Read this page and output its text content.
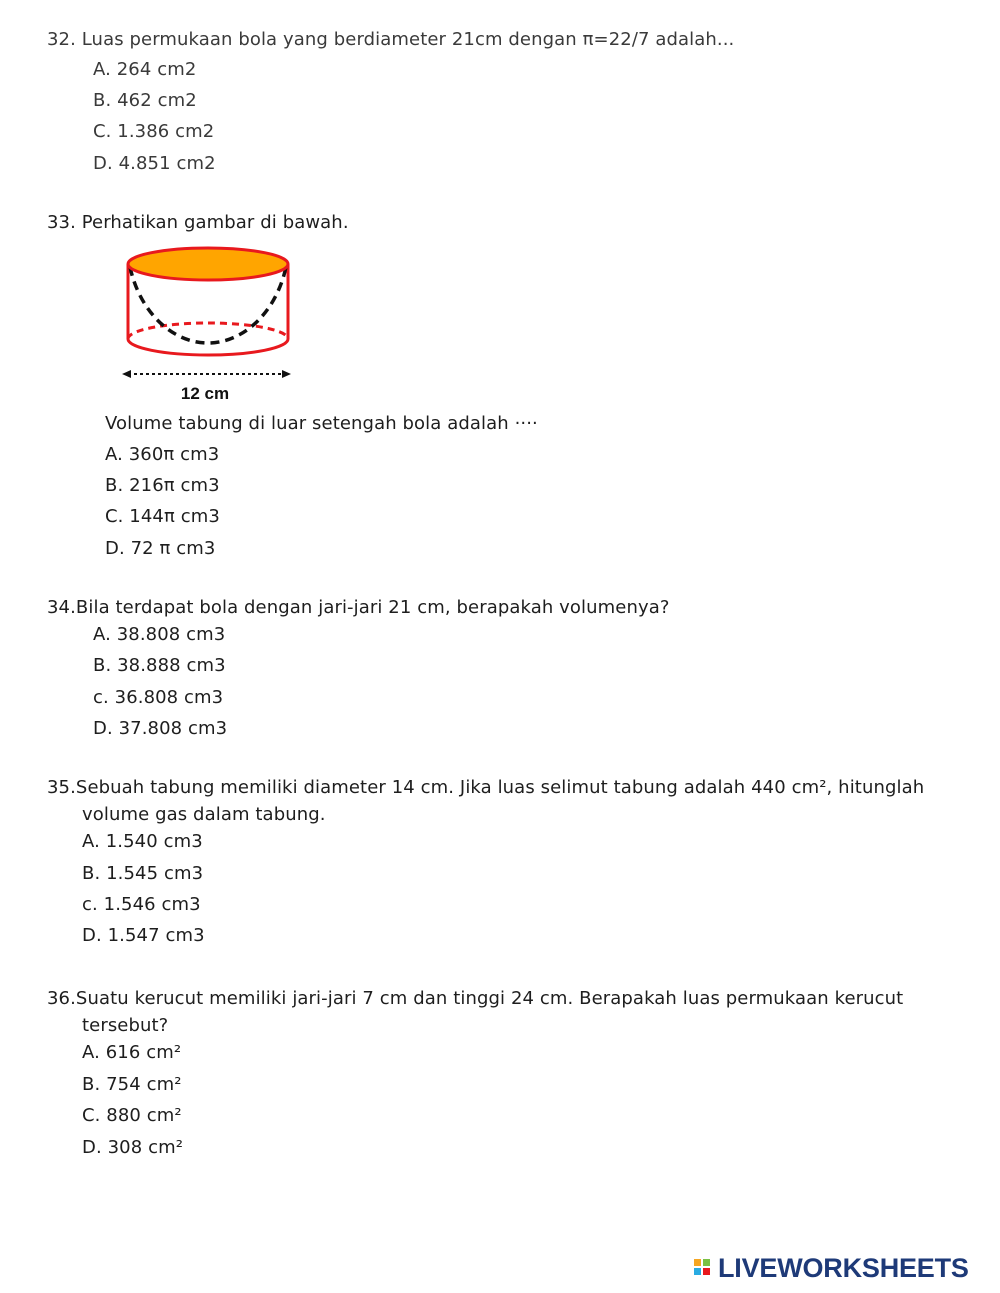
32. Luas permukaan bola yang berdiameter 21cm dengan π=22/7 adalah...
A. 264 cm2
B. 462 cm2
C. 1.386 cm2
D. 4.851 cm2
33. Perhatikan gambar di bawah.
12 cm
Volume tabung di luar setengah bola adalah ····
A. 360π cm3
B. 216π cm3
C. 144π cm3
D. 72 π cm3
34.Bila terdapat bola dengan jari-jari 21 cm, berapakah volumenya?
A. 38.808 cm3
B. 38.888 cm3
c. 36.808 cm3
D. 37.808 cm3
35.Sebuah tabung memiliki diameter 14 cm. Jika luas selimut tabung adalah 440 cm², hitunglah
volume gas dalam tabung.
A. 1.540 cm3
B. 1.545 cm3
c. 1.546 cm3
D. 1.547 cm3
36.Suatu kerucut memiliki jari-jari 7 cm dan tinggi 24 cm. Berapakah luas permukaan kerucut
tersebut?
A. 616 cm²
B. 754 cm²
C. 880 cm²
D. 308 cm²
LIVEWORKSHEETS
